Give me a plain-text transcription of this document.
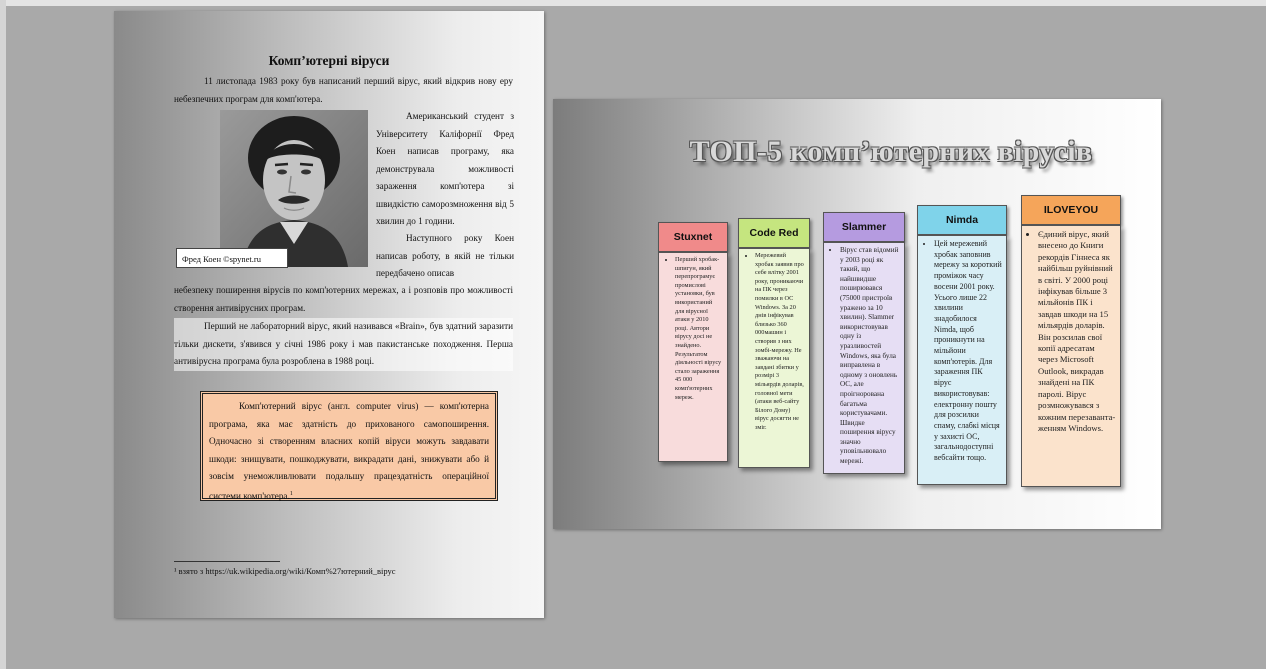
Комп’ютерні віруси
11 листопада 1983 року був написаний перший вірус, який відкрив нову еру небезпечних програм для комп'ютера.
Американський студент з Університету Каліфорнії Фред Коен написав програму, яка демонструвала можливості зараження комп'ютера зі швидкістю саморозмноження від 5 хвилин до 1 години.
Наступного року Коен написав роботу, в якій не тільки передбачено описав
Фред Коен ©spynet.ru
небезпеку поширення вірусів по комп'ютерних мережах, а і розповів про можливості створення антивірусних програм.
Перший не лабораторний вірус, який називався «Brain», був здатний заразити тільки дискети, з'явився у січні 1986 року і мав пакистанське походження. Перша антивірусна програма була розроблена в 1988 році.
Комп'ютерний вірус (англ. computer virus) — комп'ютерна програма, яка має здатність до прихованого самопоширення. Одночасно зі створенням власних копій віруси можуть завдавати шкоди: знищувати, пошкоджувати, викрадати дані, знижувати або й зовсім унеможливлювати подальшу працездатність операційної системи комп'ютера.$^1$
¹ взято з https://uk.wikipedia.org/wiki/Комп%27ютерний_вірус
ТОП-5 комп’ютерних вірусів
Stuxnet
• Перший хробак-шпигун, який перепрограмує промислові установки, був використаний для вірусної атаки у 2010 році. Автори вірусу досі не знайдено. Результатом діяльності вірусу стало зараження 45 000 комп'ютерних мереж.
Code Red
• Мережевий хробак заявив про себе влітку 2001 року, проникаючи на ПК через помилки в ОС Windows. За 20 днів інфікував близько 360 000машин і створив з них зомбі-мережу. Не зважаючи на завдані збитки у розмірі 3 мільярдів доларів, головної мети (атаки веб-сайту Білого Дому) вірус досягти не зміг.
Slammer
• Вірус став відомий у 2003 році як такий, що найшвидше поширювався (75000 пристроїв уражено за 10 хвилин). Slammer використовував одну із уразливостей Windows, яка була виправлена в одному з оновлень ОС, але проігнорована багатьма користувачами. Швидке поширення вірусу значно уповільнювало мережі.
Nimda
• Цей мережевий хробак заповнив мережу за короткий проміжок часу восени 2001 року. Усього лише 22 хвилини знадобилося Nimda, щоб проникнути на мільйони комп'ютерів. Для зараження ПК вірус використовував: електронну пошту для розсилки спаму, слабкі місця у захисті ОС, загальнодоступні вебсайти тощо.
ILOVEYOU
• Єдиний вірус, який внесено до Книги рекордів Гіннеса як найбільш руйнівний в світі. У 2000 році інфікував більше 3 мільйонів ПК і завдав шкоди на 15 мільярдів доларів. Він розсилав свої копії адресатам через Microsoft Outlook, викрадав знайдені на ПК паролі. Вірус розмножувався з кожним перезаванта-женням Windows.
